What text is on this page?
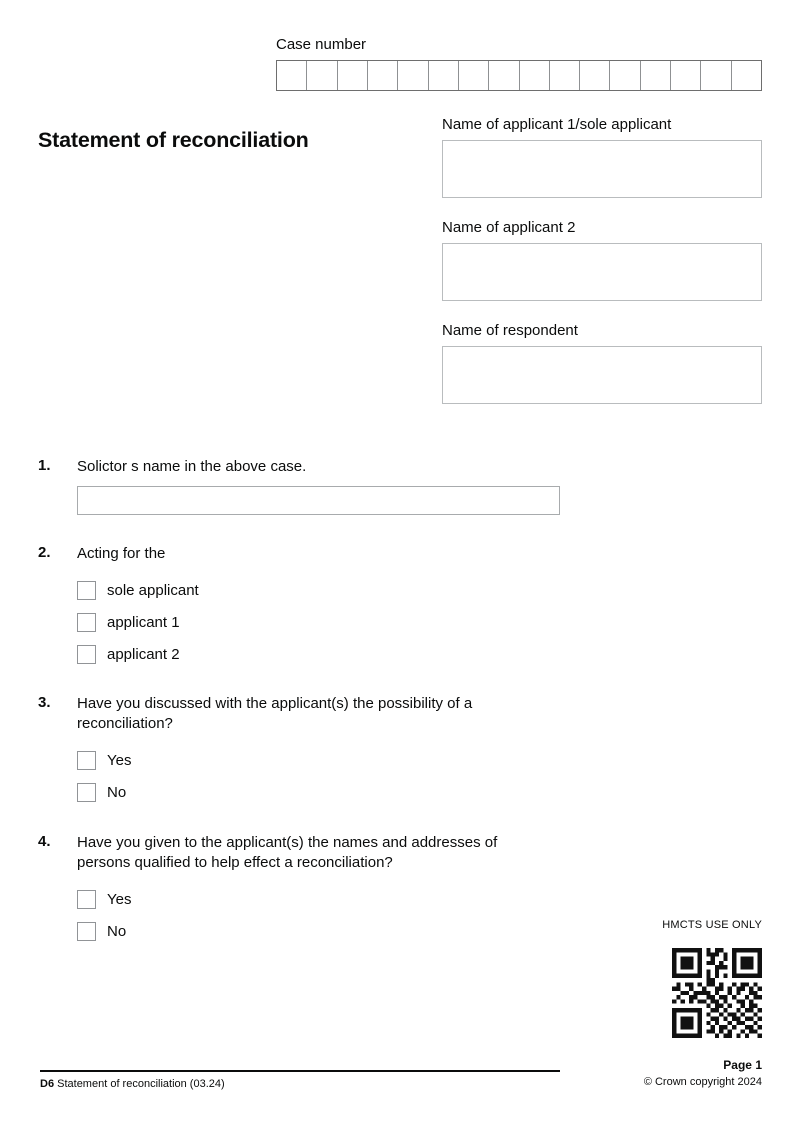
Case number
Statement of reconciliation
Name of applicant 1/sole applicant
Name of applicant 2
Name of respondent
1. Solictor s name in the above case.
2. Acting for the
sole applicant
applicant 1
applicant 2
3. Have you discussed with the applicant(s) the possibility of a reconciliation?
Yes
No
4. Have you given to the applicant(s) the names and addresses of persons qualified to help effect a reconciliation?
Yes
No	HMCTS USE ONLY
D6 Statement of reconciliation (03.24)
Page 1
© Crown copyright 2024
